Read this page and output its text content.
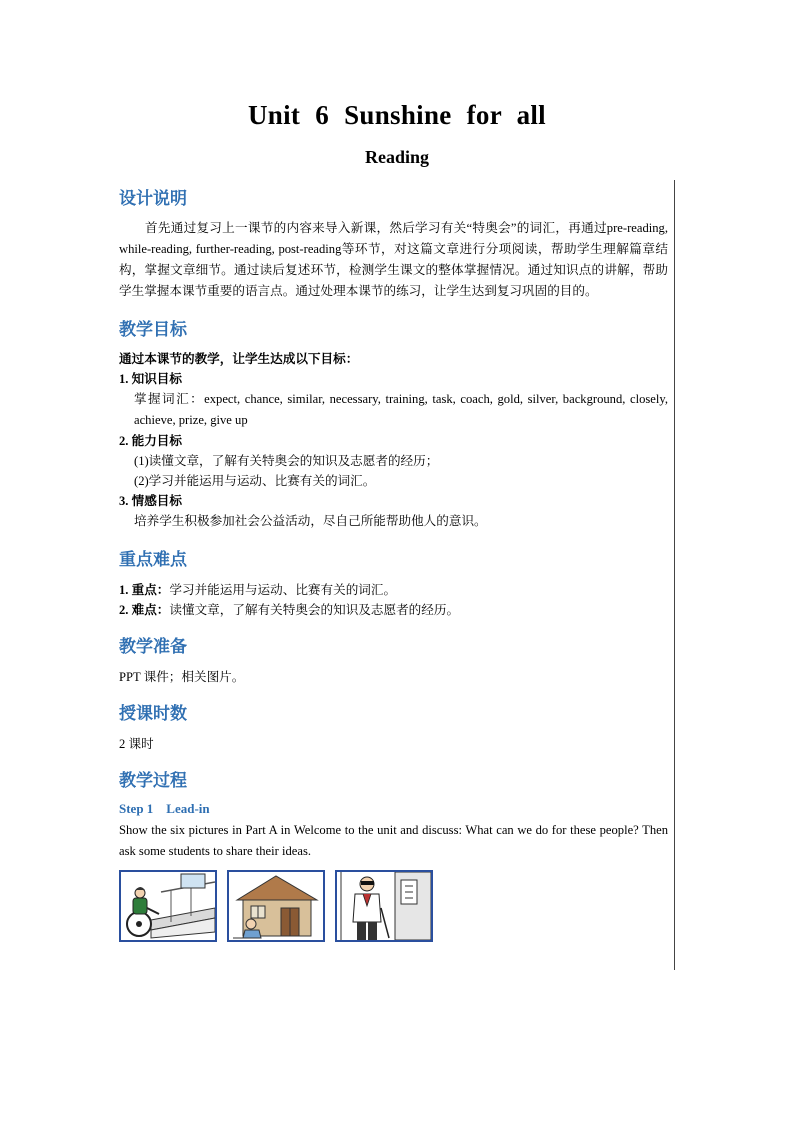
Unit 6 Sunshine for all
Reading
设计说明

首先通过复习上一课节的内容来导入新课，然后学习有关“特奥会”的词汇，再通过pre-reading, while-reading, further-reading, post-reading等环节，对这篇文章进行分项阅读，帮助学生理解篇章结构，掌握文章细节。通过读后复述环节，检测学生课文的整体掌握情况。通过知识点的讲解，帮助学生掌握本课节重要的语言点。通过处理本课节的练习，让学生达到复习巩固的目的。

教学目标
通过本课节的教学，让学生达成以下目标：
1. 知识目标

掌握词汇：expect, chance, similar, necessary, training, task, coach, gold, silver, background, closely, achieve, prize, give up

2. 能力目标
(1)读懂文章，了解有关特奥会的知识及志愿者的经历；
(2)学习并能运用与运动、比赛有关的词汇。
3. 情感目标
培养学生积极参加社会公益活动，尽自己所能帮助他人的意识。
重点难点
1. 重点：学习并能运用与运动、比赛有关的词汇。
2. 难点：读懂文章，了解有关特奥会的知识及志愿者的经历。
教学准备
PPT 课件；相关图片。
授课时数
2 课时
教学过程
Step 1    Lead-in

Show the six pictures in Part A in Welcome to the unit and discuss: What can we do for these people? Then ask some students to share their ideas.
